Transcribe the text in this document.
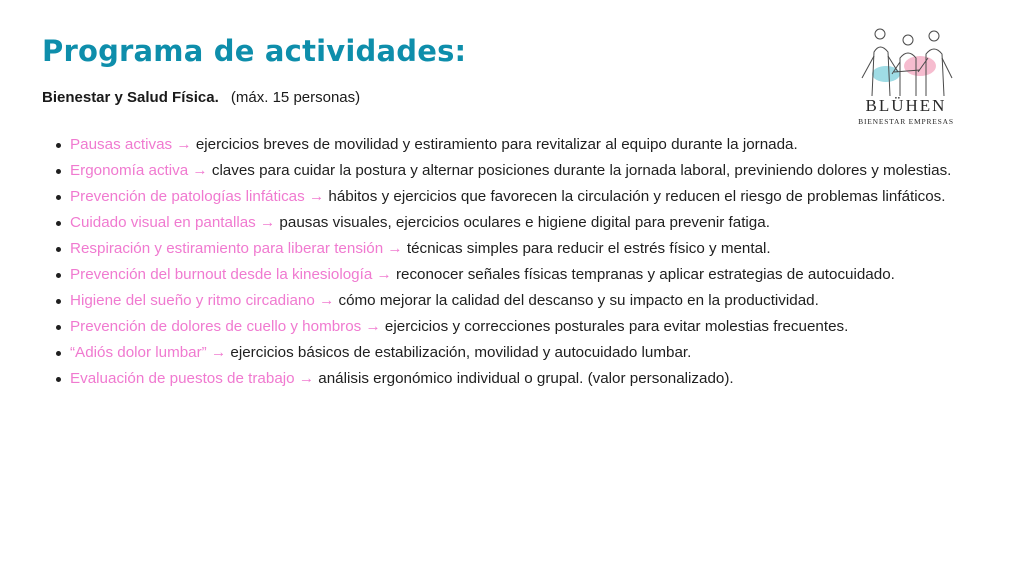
Programa de actividades:
Bienestar y Salud Física. (máx. 15 personas)	BLÜHEN
BIENESTAR EMPRESAS
Pausas activas → ejercicios breves de movilidad y estiramiento para revitalizar al equipo durante la jornada.
Ergonomía activa → claves para cuidar la postura y alternar posiciones durante la jornada laboral, previniendo dolores y molestias.
Prevención de patologías linfáticas → hábitos y ejercicios que favorecen la circulación y reducen el riesgo de problemas linfáticos.
Cuidado visual en pantallas → pausas visuales, ejercicios oculares e higiene digital para prevenir fatiga.
Respiración y estiramiento para liberar tensión → técnicas simples para reducir el estrés físico y mental.
Prevención del burnout desde la kinesiología → reconocer señales físicas tempranas y aplicar estrategias de autocuidado.
Higiene del sueño y ritmo circadiano → cómo mejorar la calidad del descanso y su impacto en la productividad.
Prevención de dolores de cuello y hombros → ejercicios y correcciones posturales para evitar molestias frecuentes.
“Adiós dolor lumbar” → ejercicios básicos de estabilización, movilidad y autocuidado lumbar.
Evaluación de puestos de trabajo → análisis ergonómico individual o grupal. (valor personalizado).
